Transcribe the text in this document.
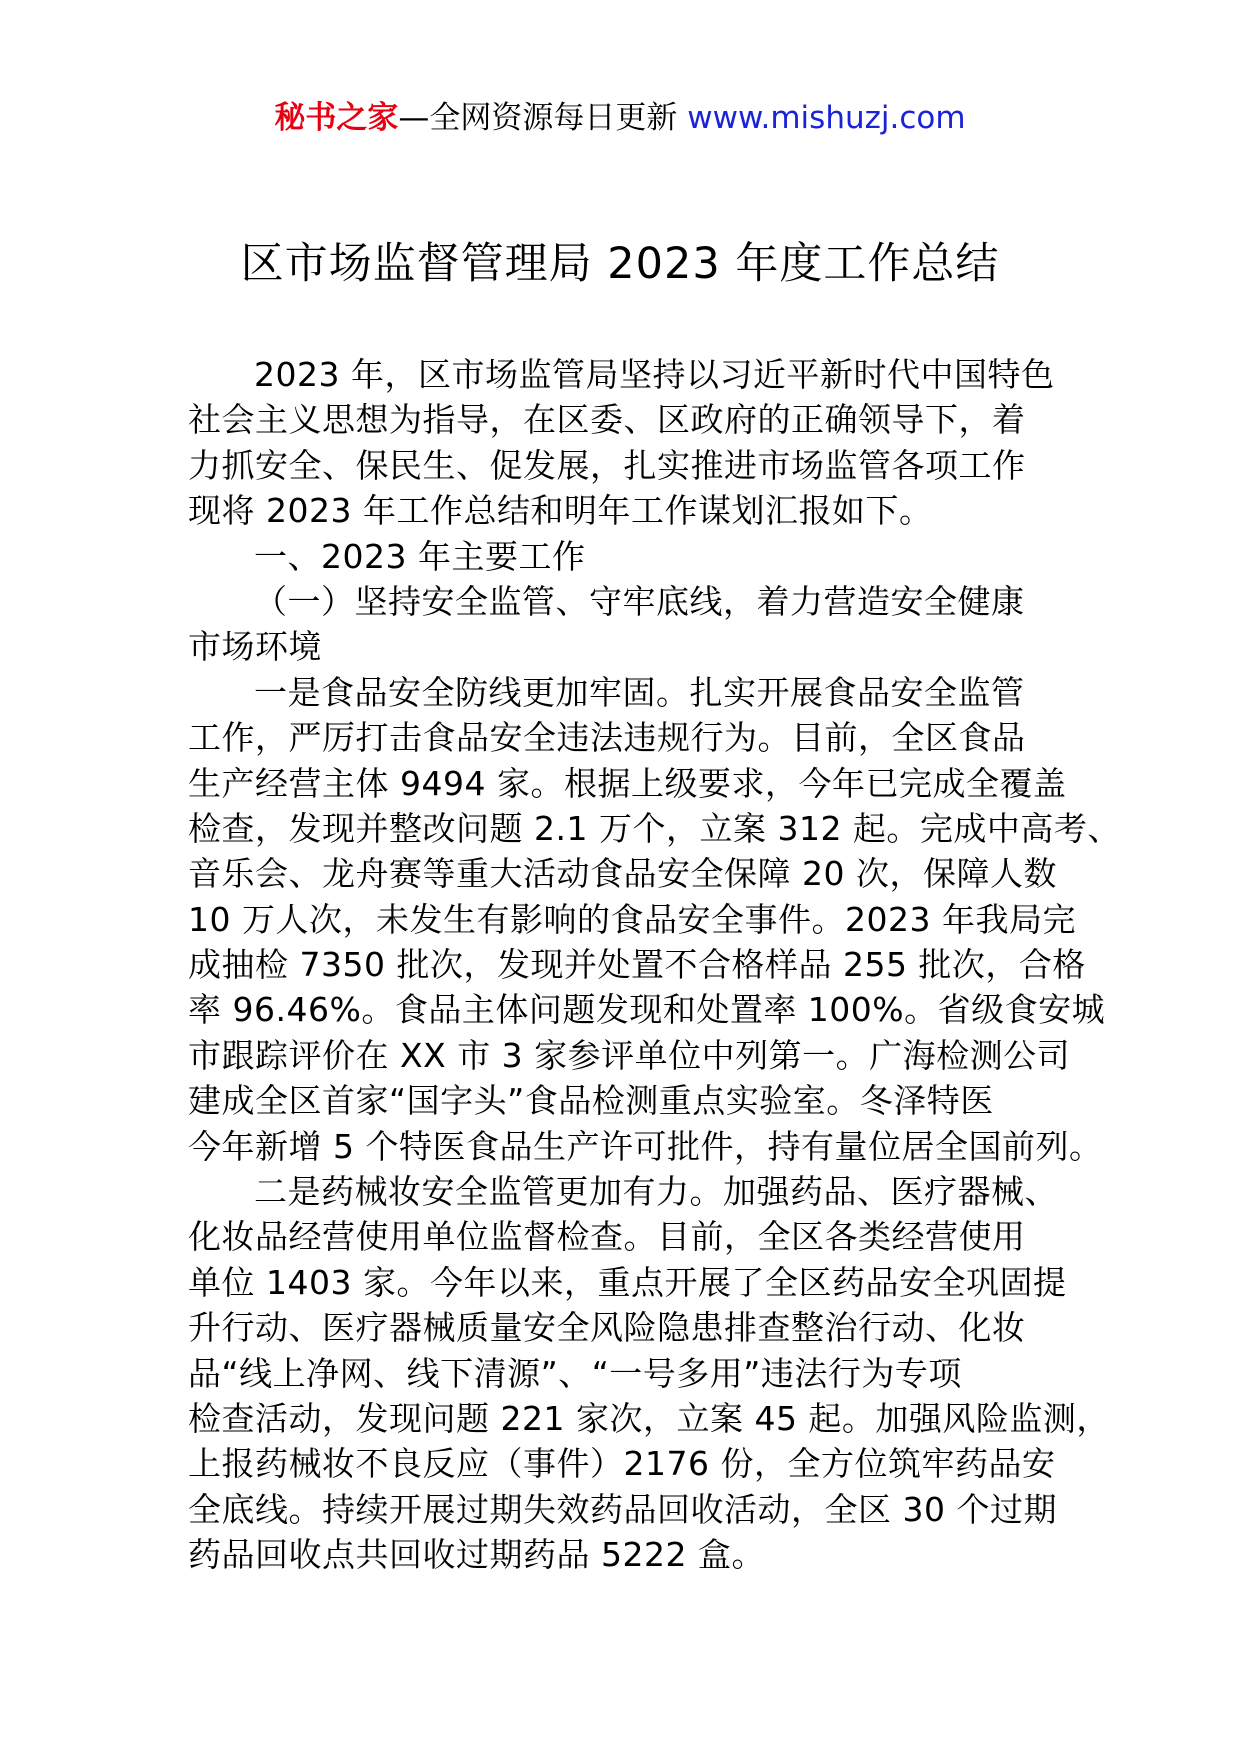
秘书之家—全网资源每日更新 www.mishuzj.com
区市场监督管理局 2023 年度工作总结
2023 年，区市场监管局坚持以习近平新时代中国特色
社会主义思想为指导，在区委、区政府的正确领导下，着
力抓安全、保民生、促发展，扎实推进市场监管各项工作
现将 2023 年工作总结和明年工作谋划汇报如下。
一、2023 年主要工作
（一）坚持安全监管、守牢底线，着力营造安全健康
市场环境
一是食品安全防线更加牢固。扎实开展食品安全监管
工作，严厉打击食品安全违法违规行为。目前，全区食品
生产经营主体 9494 家。根据上级要求，今年已完成全覆盖
检查，发现并整改问题 2.1 万个，立案 312 起。完成中高考、
音乐会、龙舟赛等重大活动食品安全保障 20 次，保障人数
10 万人次，未发生有影响的食品安全事件。2023 年我局完
成抽检 7350 批次，发现并处置不合格样品 255 批次，合格
率 96.46%。食品主体问题发现和处置率 100%。省级食安城
市跟踪评价在 XX 市 3 家参评单位中列第一。广海检测公司
建成全区首家“国字头”食品检测重点实验室。冬泽特医
今年新增 5 个特医食品生产许可批件，持有量位居全国前列。
二是药械妆安全监管更加有力。加强药品、医疗器械、
化妆品经营使用单位监督检查。目前，全区各类经营使用
单位 1403 家。今年以来，重点开展了全区药品安全巩固提
升行动、医疗器械质量安全风险隐患排查整治行动、化妆
品“线上净网、线下清源”、“一号多用”违法行为专项
检查活动，发现问题 221 家次，立案 45 起。加强风险监测，
上报药械妆不良反应（事件）2176 份，全方位筑牢药品安
全底线。持续开展过期失效药品回收活动，全区 30 个过期
药品回收点共回收过期药品 5222 盒。
